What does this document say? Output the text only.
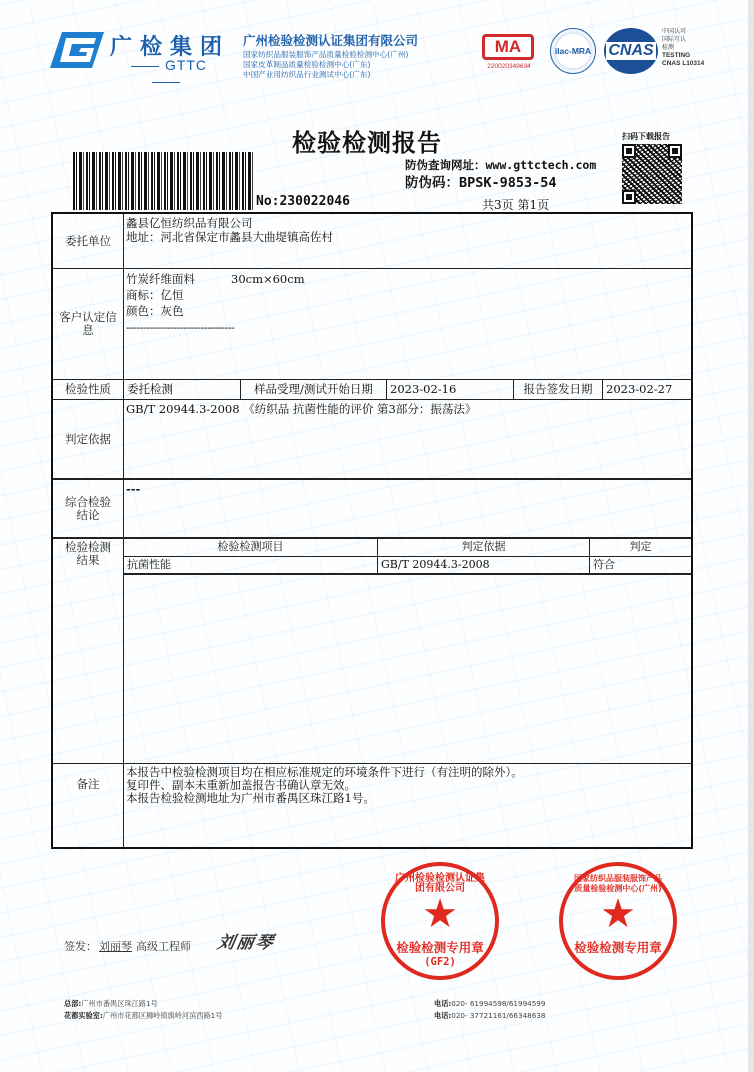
广检集团
GTTC
广州检验检测认证集团有限公司
国家纺织品服装服饰产品质量检验检测中心(广州)
国家皮革制品质量检验检测中心(广东)
中国产业用纺织品行业测试中心(广东)
MA
220020349634
ilac-MRA CNAS
中国认可
国际互认
检测
TESTING
CNAS L10314
检验检测报告
No:230022046
防伪查询网址：www.gttctech.com
防伪码：BPSK-9853-54
共3页 第1页
扫码下载报告
委托单位
蠡县亿恒纺织品有限公司
地址：河北省保定市蠡县大曲堤镇高佐村
客户认定信息
竹炭纤维面料	30cm×60cm
商标：亿恒
颜色：灰色
--------------------------------
检验性质	委托检测	样品受理/测试开始日期	2023-02-16	报告签发日期	2023-02-27
判定依据
GB/T 20944.3-2008 《纺织品 抗菌性能的评价 第3部分：振荡法》
综合检验结论
---
检验检测结果
检验检测项目	判定依据	判定
抗菌性能	GB/T 20944.3-2008	符合
备注
本报告中检验检测项目均在相应标准规定的环境条件下进行（有注明的除外）。
复印件、副本未重新加盖报告书确认章无效。
本报告检验检测地址为广州市番禺区珠江路1号。
签发： 刘丽琴 高级工程师 刘丽琴
广州检验检测认证集团有限公司
★
检验检测专用章
(GF2)
国家纺织品服装服饰产品质量检验检测中心(广州)
★
检验检测专用章
总部:广州市番禺区珠江路1号
花都实验室:广州市花都区狮岭镇旗岭河滨西路1号
电话:020- 61994598/61994599
电话:020- 37721161/66348638
